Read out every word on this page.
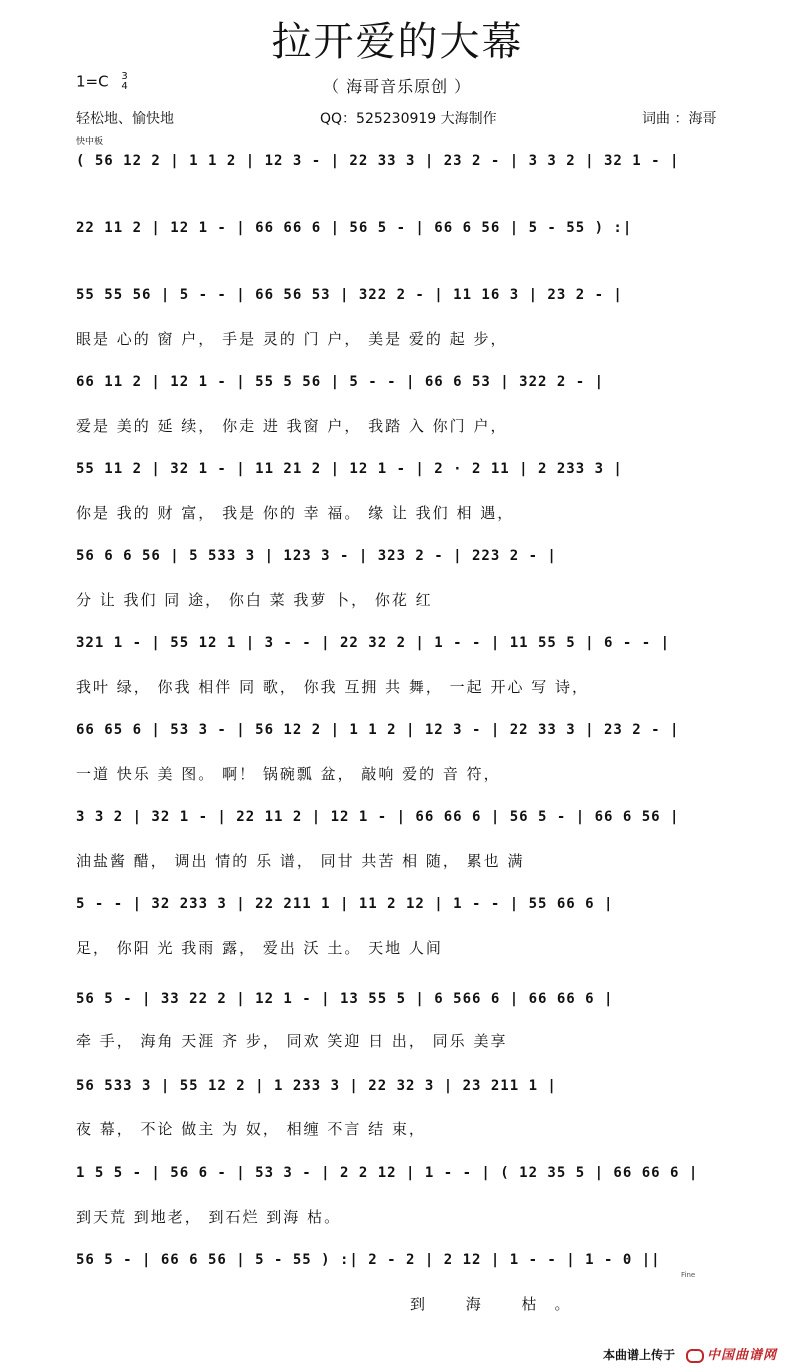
拉开爱的大幕
1=C 3
4	（ 海哥音乐原创 ）
轻松地、愉快地	QQ：525230919 大海制作	词曲 ：海哥
快中板
( 56 12 2 | 1 1 2 | 12 3 - | 22 33 3 | 23 2 - | 3 3 2 | 32 1 - |
22 11 2 | 12 1 - | 66 66 6 | 56 5 - | 66 6 56 | 5 - 55 ) :|
55 55 56 | 5 - - | 66 56 53 | 322 2 - | 11 16 3 | 23 2 - |
眼是 心的 窗 户， 手是 灵的 门 户， 美是 爱的 起 步，
66 11 2 | 12 1 - | 55 5 56 | 5 - - | 66 6 53 | 322 2 - |
爱是 美的 延 续， 你走 进 我窗 户， 我踏 入 你门 户，
55 11 2 | 32 1 - | 11 21 2 | 12 1 - | 2 · 2 11 | 2 233 3 |
你是 我的 财 富， 我是 你的 幸 福。 缘 让 我们 相 遇，
56 6 6 56 | 5 533 3 | 123 3 - | 323 2 - | 223 2 - |
分 让 我们 同 途， 你白 菜 我萝 卜， 你花 红
321 1 - | 55 12 1 | 3 - - | 22 32 2 | 1 - - | 11 55 5 | 6 - - |
我叶 绿， 你我 相伴 同 歌， 你我 互拥 共 舞， 一起 开心 写 诗，
66 65 6 | 53 3 - | 56 12 2 | 1 1 2 | 12 3 - | 22 33 3 | 23 2 - |
一道 快乐 美 图。 啊！ 锅碗瓢 盆， 敲响 爱的 音 符，
3 3 2 | 32 1 - | 22 11 2 | 12 1 - | 66 66 6 | 56 5 - | 66 6 56 |
油盐酱 醋， 调出 情的 乐 谱， 同甘 共苦 相 随， 累也 满
5 - - | 32 233 3 | 22 211 1 | 11 2 12 | 1 - - | 55 66 6 |
足， 你阳 光 我雨 露， 爱出 沃 土。 天地 人间
56 5 - | 33 22 2 | 12 1 - | 13 55 5 | 6 566 6 | 66 66 6 |
牵 手， 海角 天涯 齐 步， 同欢 笑迎 日 出， 同乐 美享
56 533 3 | 55 12 2 | 1 233 3 | 22 32 3 | 23 211 1 |
夜 幕， 不论 做主 为 奴， 相缠 不言 结 束，
1 5 5 - | 56 6 - | 53 3 - | 2 2 12 | 1 - - | ( 12 35 5 | 66 66 6 |
到天荒 到地老， 到石烂 到海 枯。
56 5 - | 66 6 56 | 5 - 55 ) :| 2 - 2 | 2 12 | 1 - - | 1 - 0 ||
到 海 枯。
Fine
本曲谱上传于	中国曲谱网
